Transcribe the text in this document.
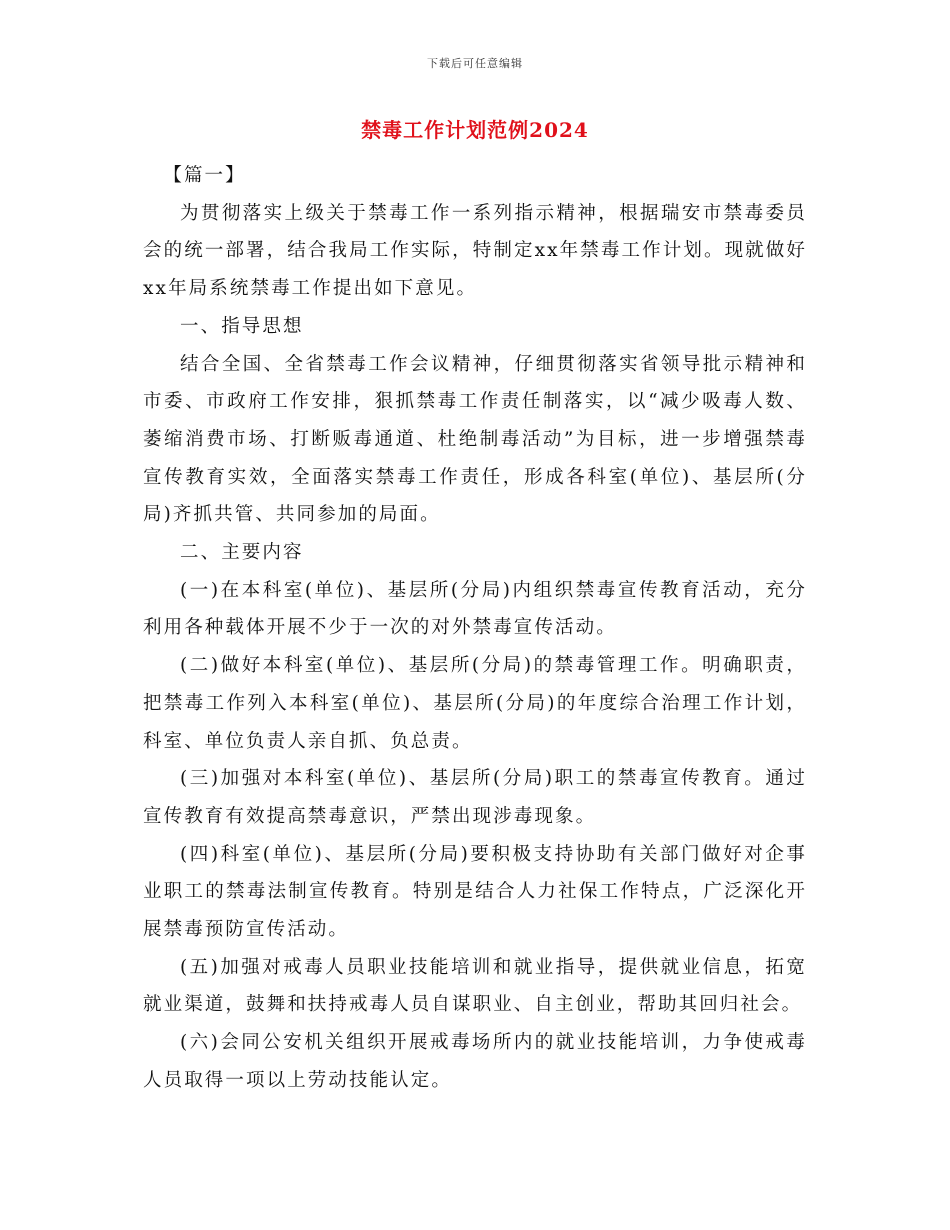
下载后可任意编辑
禁毒工作计划范例2024

【篇一】

为贯彻落实上级关于禁毒工作一系列指示精神，根据瑞安市禁毒委员会的统一部署，结合我局工作实际，特制定xx年禁毒工作计划。现就做好xx年局系统禁毒工作提出如下意见。

一、指导思想

结合全国、全省禁毒工作会议精神，仔细贯彻落实省领导批示精神和市委、市政府工作安排，狠抓禁毒工作责任制落实，以“减少吸毒人数、萎缩消费市场、打断贩毒通道、杜绝制毒活动”为目标，进一步增强禁毒宣传教育实效，全面落实禁毒工作责任，形成各科室(单位)、基层所(分局)齐抓共管、共同参加的局面。

二、主要内容

(一)在本科室(单位)、基层所(分局)内组织禁毒宣传教育活动，充分利用各种载体开展不少于一次的对外禁毒宣传活动。

(二)做好本科室(单位)、基层所(分局)的禁毒管理工作。明确职责，把禁毒工作列入本科室(单位)、基层所(分局)的年度综合治理工作计划，科室、单位负责人亲自抓、负总责。

(三)加强对本科室(单位)、基层所(分局)职工的禁毒宣传教育。通过宣传教育有效提高禁毒意识，严禁出现涉毒现象。

(四)科室(单位)、基层所(分局)要积极支持协助有关部门做好对企事业职工的禁毒法制宣传教育。特别是结合人力社保工作特点，广泛深化开展禁毒预防宣传活动。

(五)加强对戒毒人员职业技能培训和就业指导，提供就业信息，拓宽就业渠道，鼓舞和扶持戒毒人员自谋职业、自主创业，帮助其回归社会。

(六)会同公安机关组织开展戒毒场所内的就业技能培训，力争使戒毒人员取得一项以上劳动技能认定。
